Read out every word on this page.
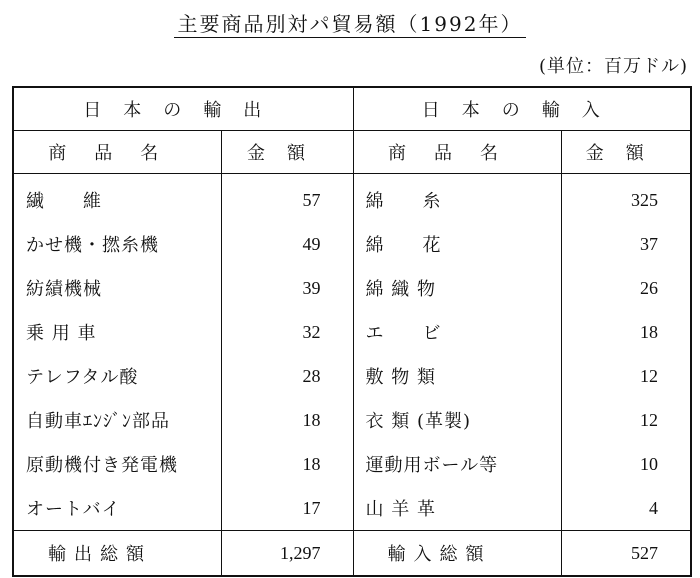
主要商品別対パ貿易額（1992年）
(単位：百万ドル)
日本の輸出		日本の輸入	
商品名	金額	商品名	金額
繊　　維	57	綿　　糸	325
かせ機・撚糸機	49	綿　　花	37
紡績機械	39	綿 織 物	26
乗 用 車	32	エ　　ビ	18
テレフタル酸	28	敷 物 類	12
自動車ｴﾝｼﾞﾝ部品	18	衣 類 (革製)	12
原動機付き発電機	18	運動用ボール等	10
オートバイ	17	山 羊 革	4
輸出総額	1,297	輸入総額	527
